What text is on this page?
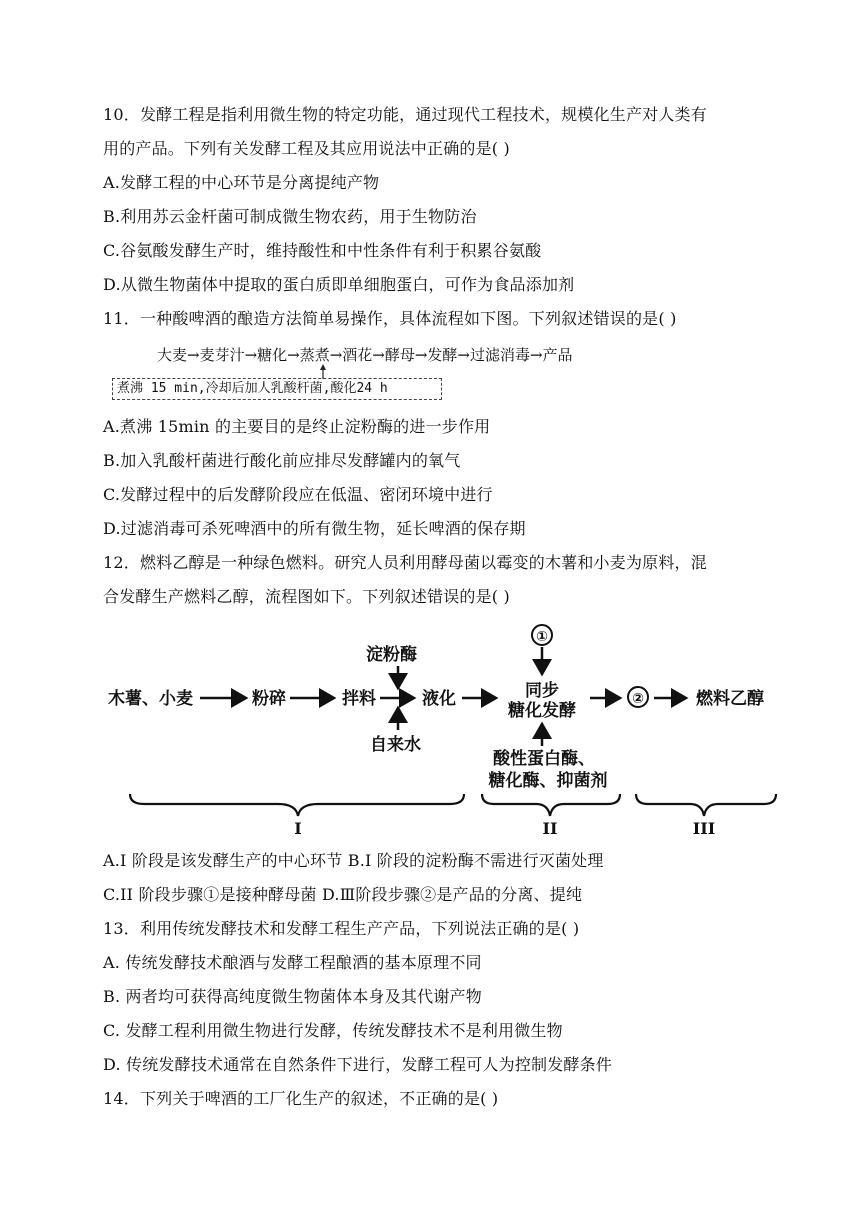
10．发酵工程是指利用微生物的特定功能，通过现代工程技术，规模化生产对人类有
用的产品。下列有关发酵工程及其应用说法中正确的是( )
A.发酵工程的中心环节是分离提纯产物
B.利用苏云金杆菌可制成微生物农药，用于生物防治
C.谷氨酸发酵生产时，维持酸性和中性条件有利于积累谷氨酸
D.从微生物菌体中提取的蛋白质即单细胞蛋白，可作为食品添加剂
11．一种酸啤酒的酿造方法简单易操作，具体流程如下图。下列叙述错误的是( )
大麦→麦芽汁→糖化→蒸煮→酒花→酵母→发酵→过滤消毒→产品
煮沸 15 min,冷却后加人乳酸杆菌,酸化24 h
A.煮沸 15min 的主要目的是终止淀粉酶的进一步作用
B.加入乳酸杆菌进行酸化前应排尽发酵罐内的氧气
C.发酵过程中的后发酵阶段应在低温、密闭环境中进行
D.过滤消毒可杀死啤酒中的所有微生物，延长啤酒的保存期
12．燃料乙醇是一种绿色燃料。研究人员利用酵母菌以霉变的木薯和小麦为原料，混
合发酵生产燃料乙醇，流程图如下。下列叙述错误的是( )
木薯、小麦	粉碎	拌料
淀粉酶
自来水
液化
①
同步
糖化发酵
酸性蛋白酶、
糖化酶、抑菌剂
②	燃料乙醇
I	II	III
A.I 阶段是该发酵生产的中心环节 B.I 阶段的淀粉酶不需进行灭菌处理
C.II 阶段步骤①是接种酵母菌 D.Ⅲ阶段步骤②是产品的分离、提纯
13．利用传统发酵技术和发酵工程生产产品，下列说法正确的是( )
A. 传统发酵技术酿酒与发酵工程酿酒的基本原理不同
B. 两者均可获得高纯度微生物菌体本身及其代谢产物
C. 发酵工程利用微生物进行发酵，传统发酵技术不是利用微生物
D. 传统发酵技术通常在自然条件下进行，发酵工程可人为控制发酵条件
14．下列关于啤酒的工厂化生产的叙述，不正确的是( )
